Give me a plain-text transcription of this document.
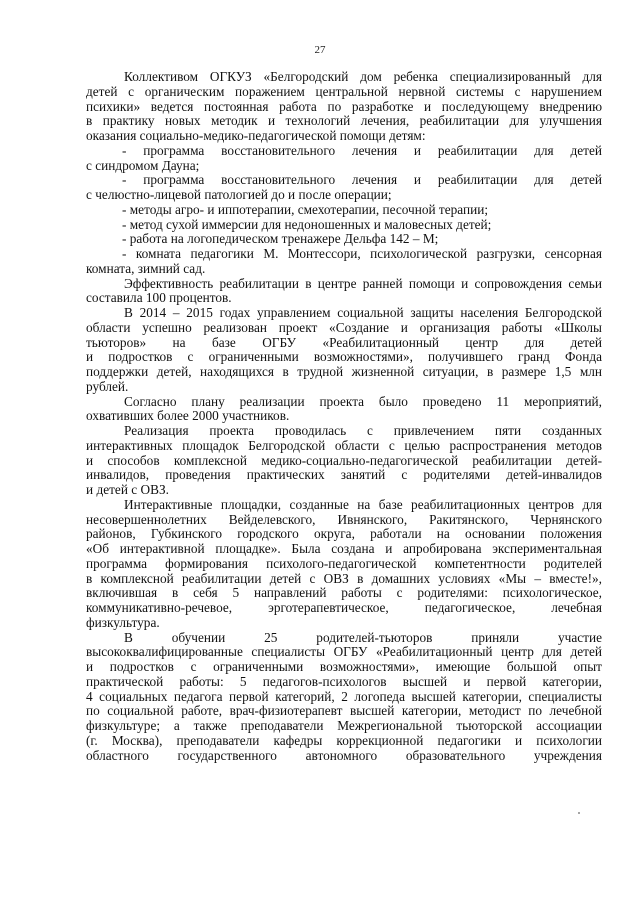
27
Коллективом ОГКУЗ «Белгородский дом ребенка специализированный для
детей с органическим поражением центральной нервной системы с нарушением
психики» ведется постоянная работа по разработке и последующему внедрению
в практику новых методик и технологий лечения, реабилитации для улучшения
оказания социально-медико-педагогической помощи детям:
- программа восстановительного лечения и реабилитации для детей
с синдромом Дауна;
- программа восстановительного лечения и реабилитации для детей
с челюстно-лицевой патологией до и после операции;
- методы агро- и иппотерапии, смехотерапии, песочной терапии;
- метод сухой иммерсии для недоношенных и маловесных детей;
- работа на логопедическом тренажере Дельфа 142 – М;
- комната педагогики М. Монтессори, психологической разгрузки, сенсорная
комната, зимний сад.
Эффективность реабилитации в центре ранней помощи и сопровождения семьи
составила 100 процентов.
В 2014 – 2015 годах управлением социальной защиты населения Белгородской
области успешно реализован проект «Создание и организация работы «Школы
тьюторов» на базе ОГБУ «Реабилитационный центр для детей
и подростков с ограниченными возможностями», получившего гранд Фонда
поддержки детей, находящихся в трудной жизненной ситуации, в размере 1,5 млн
рублей.
Согласно плану реализации проекта было проведено 11 мероприятий,
охвативших более 2000 участников.
Реализация проекта проводилась с привлечением пяти созданных
интерактивных площадок Белгородской области с целью распространения методов
и способов комплексной медико-социально-педагогической реабилитации детей-
инвалидов, проведения практических занятий с родителями детей-инвалидов
и детей с ОВЗ.
Интерактивные площадки, созданные на базе реабилитационных центров для
несовершеннолетних Вейделевского, Ивнянского, Ракитянского, Чернянского
районов, Губкинского городского округа, работали на основании положения
«Об интерактивной площадке». Была создана и апробирована экспериментальная
программа формирования психолого-педагогической компетентности родителей
в комплексной реабилитации детей с ОВЗ в домашних условиях «Мы – вместе!»,
включившая в себя 5 направлений работы с родителями: психологическое,
коммуникативно-речевое, эрготерапевтическое, педагогическое, лечебная
физкультура.
В обучении 25 родителей-тьюторов приняли участие
высококвалифицированные специалисты ОГБУ «Реабилитационный центр для детей
и подростков с ограниченными возможностями», имеющие большой опыт
практической работы: 5 педагогов-психологов высшей и первой категории,
4 социальных педагога первой категорий, 2 логопеда высшей категории, специалисты
по социальной работе, врач-физиотерапевт высшей категории, методист по лечебной
физкультуре; а также преподаватели Межрегиональной тьюторской ассоциации
(г. Москва), преподаватели кафедры коррекционной педагогики и психологии
областного государственного автономного образовательного учреждения
